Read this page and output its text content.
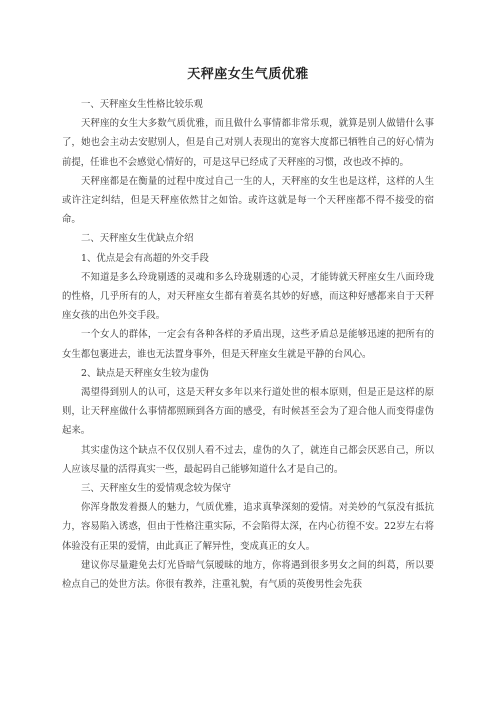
天秤座女生气质优雅

一、天秤座女生性格比较乐观

天秤座的女生大多数气质优雅，而且做什么事情都非常乐观，就算是别人做错什么事了，她也会主动去安慰别人，但是自己对别人表现出的宽容大度都已牺牲自己的好心情为前提，任谁也不会感觉心情好的，可是这早已经成了天秤座的习惯，改也改不掉的。

天秤座都是在衡量的过程中度过自己一生的人，天秤座的女生也是这样，这样的人生或许注定纠结，但是天秤座依然甘之如饴。或许这就是每一个天秤座都不得不接受的宿命。

二、天秤座女生优缺点介绍

1、优点是会有高超的外交手段

不知道是多么玲珑剔透的灵魂和多么玲珑剔透的心灵，才能铸就天秤座女生八面玲珑的性格，几乎所有的人，对天秤座女生都有着莫名其妙的好感，而这种好感都来自于天秤座女孩的出色外交手段。

一个女人的群体，一定会有各种各样的矛盾出现，这些矛盾总是能够迅速的把所有的女生都包裹进去，谁也无法置身事外，但是天秤座女生就是平静的台风心。

2、缺点是天秤座女生较为虚伪

渴望得到别人的认可，这是天秤女多年以来行道处世的根本原则，但是正是这样的原则，让天秤座做什么事情都照顾到各方面的感受，有时候甚至会为了迎合他人而变得虚伪起来。

其实虚伪这个缺点不仅仅别人看不过去，虚伪的久了，就连自己都会厌恶自己，所以人应该尽量的活得真实一些，最起码自己能够知道什么才是自己的。

三、天秤座女生的爱情观念较为保守

你浑身散发着摄人的魅力，气质优雅，追求真挚深刻的爱情。对美妙的气氛没有抵抗力，容易陷入诱惑，但由于性格注重实际，不会陷得太深，在内心彷徨不安。22岁左右将体验没有正果的爱情，由此真正了解异性，变成真正的女人。

建议你尽量避免去灯光昏暗气氛暧昧的地方，你将遇到很多男女之间的纠葛，所以要检点自己的处世方法。你很有教养，注重礼貌，有气质的英俊男性会先获
